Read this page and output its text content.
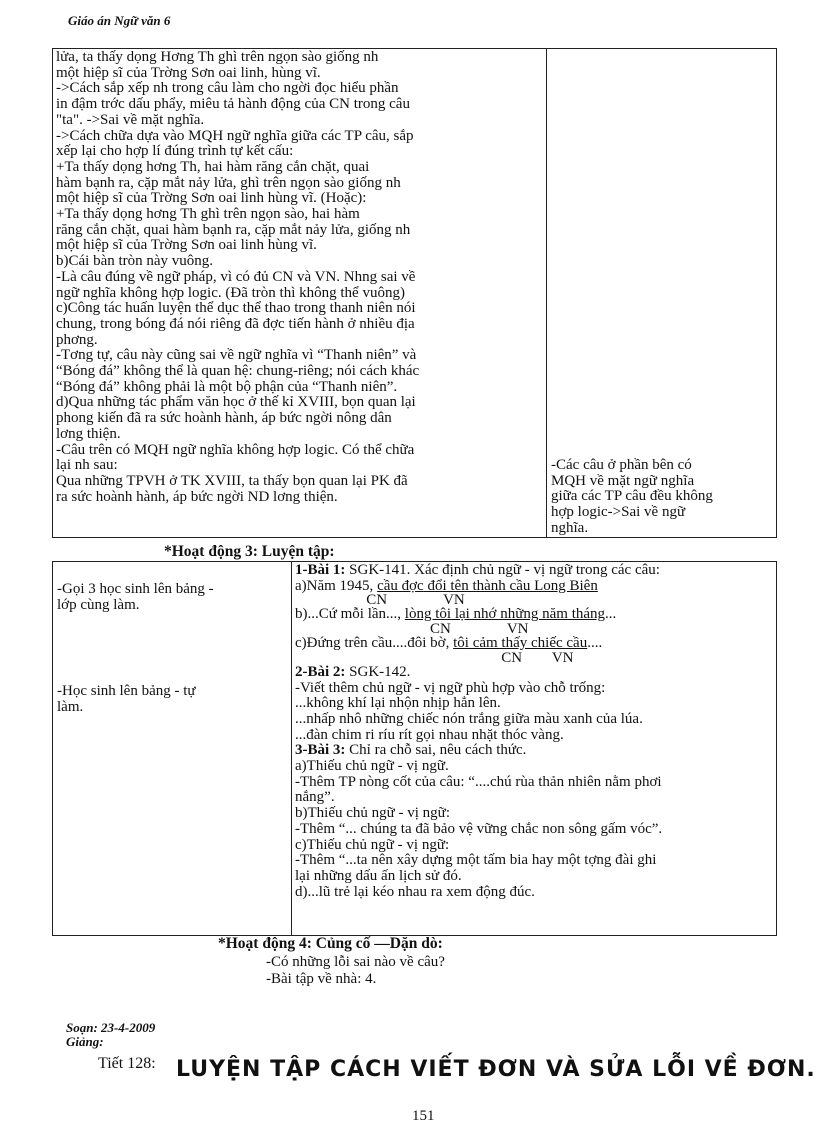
Giáo án Ngữ văn 6
lửa, ta thấy dọng Hơng Th ghì trên ngọn sào giống nh
một hiệp sĩ của Trờng Sơn oai linh, hùng vĩ.
->Cách sắp xếp nh trong câu làm cho ngời đọc hiểu phần
in đậm trớc dấu phẩy, miêu tả hành động của CN trong câu
"ta". ->Sai về mặt nghĩa.
->Cách chữa dựa vào MQH ngữ nghĩa giữa các TP câu, sắp
xếp lại cho hợp lí đúng trình tự kết cấu:
+Ta thấy dọng hơng Th, hai hàm răng cắn chặt, quai
hàm bạnh ra, cặp mắt nảy lửa, ghì trên ngọn sào giống nh
một hiệp sĩ của Trờng Sơn oai linh hùng vĩ. (Hoặc):
+Ta thấy dọng hơng Th ghì trên ngọn sào, hai hàm
răng cắn chặt, quai hàm bạnh ra, cặp mắt nảy lửa, giống nh
một hiệp sĩ của Trờng Sơn oai linh hùng vĩ.
b)Cái bàn tròn này vuông.
-Là câu đúng về ngữ pháp, vì có đủ CN và VN. Nhng sai về
ngữ nghĩa không hợp logic. (Đã tròn thì không thể vuông)
c)Công tác huấn luyện thể dục thể thao trong thanh niên nói
chung, trong bóng đá nói riêng đã đợc tiến hành ở nhiều địa
phơng.
-Tơng tự, câu này cũng sai về ngữ nghĩa vì “Thanh niên” và
“Bóng đá” không thể là quan hệ: chung-riêng; nói cách khác
“Bóng đá” không phải là một bộ phận của “Thanh niên”.
d)Qua những tác phẩm văn học ở thế kỉ XVIII, bọn quan lại
phong kiến đã ra sức hoành hành, áp bức ngời nông dân
lơng thiện.
-Câu trên có MQH ngữ nghĩa không hợp logic. Có thể chữa
lại nh sau:
Qua những TPVH ở TK XVIII, ta thấy bọn quan lại PK đã
ra sức hoành hành, áp bức ngời ND lơng thiện.

-Các câu ở phần bên có
MQH về mặt ngữ nghĩa
giữa các TP câu đều không
hợp logic->Sai về ngữ
nghĩa.
*Hoạt động 3: Luyện tập:
-Gọi 3 học sinh lên bảng -
lớp cùng làm.
-Học sinh lên bảng - tự
làm.

1-Bài 1: SGK-141. Xác định chủ ngữ - vị ngữ trong các câu:
a)Năm 1945, cầu đợc đổi tên thành cầu Long Biên
CN               VN
b)...Cứ mỗi lần..., lòng tôi lại nhớ những năm tháng...
CN               VN
c)Đứng trên cầu....đôi bờ, tôi cảm thấy chiếc cầu....
CN        VN
2-Bài 2: SGK-142.
-Viết thêm chủ ngữ - vị ngữ phù hợp vào chỗ trống:
...không khí lại nhộn nhịp hẳn lên.
...nhấp nhô những chiếc nón trắng giữa màu xanh của lúa.
...đàn chim ri ríu rít gọi nhau nhặt thóc vàng.
3-Bài 3: Chỉ ra chỗ sai, nêu cách thức.
a)Thiếu chủ ngữ - vị ngữ.
-Thêm TP nòng cốt của câu: “....chú rùa thản nhiên nằm phơi
nắng”.
b)Thiếu chủ ngữ - vị ngữ:
-Thêm “... chúng ta đã bảo vệ vững chắc non sông gấm vóc”.
c)Thiếu chủ ngữ - vị ngữ:
-Thêm “...ta nên xây dựng một tấm bia hay một tợng đài ghi
lại những dấu ấn lịch sử đó.
d)...lũ trẻ lại kéo nhau ra xem động đúc.
*Hoạt động 4: Củng cố —Dặn dò:
-Có những lỗi sai nào về câu?
-Bài tập về nhà: 4.
Soạn: 23-4-2009
Giảng:
Tiết 128: LUYỆN TẬP CÁCH VIẾT ĐƠN VÀ SỬA LỖI VỀ ĐƠN.
151
